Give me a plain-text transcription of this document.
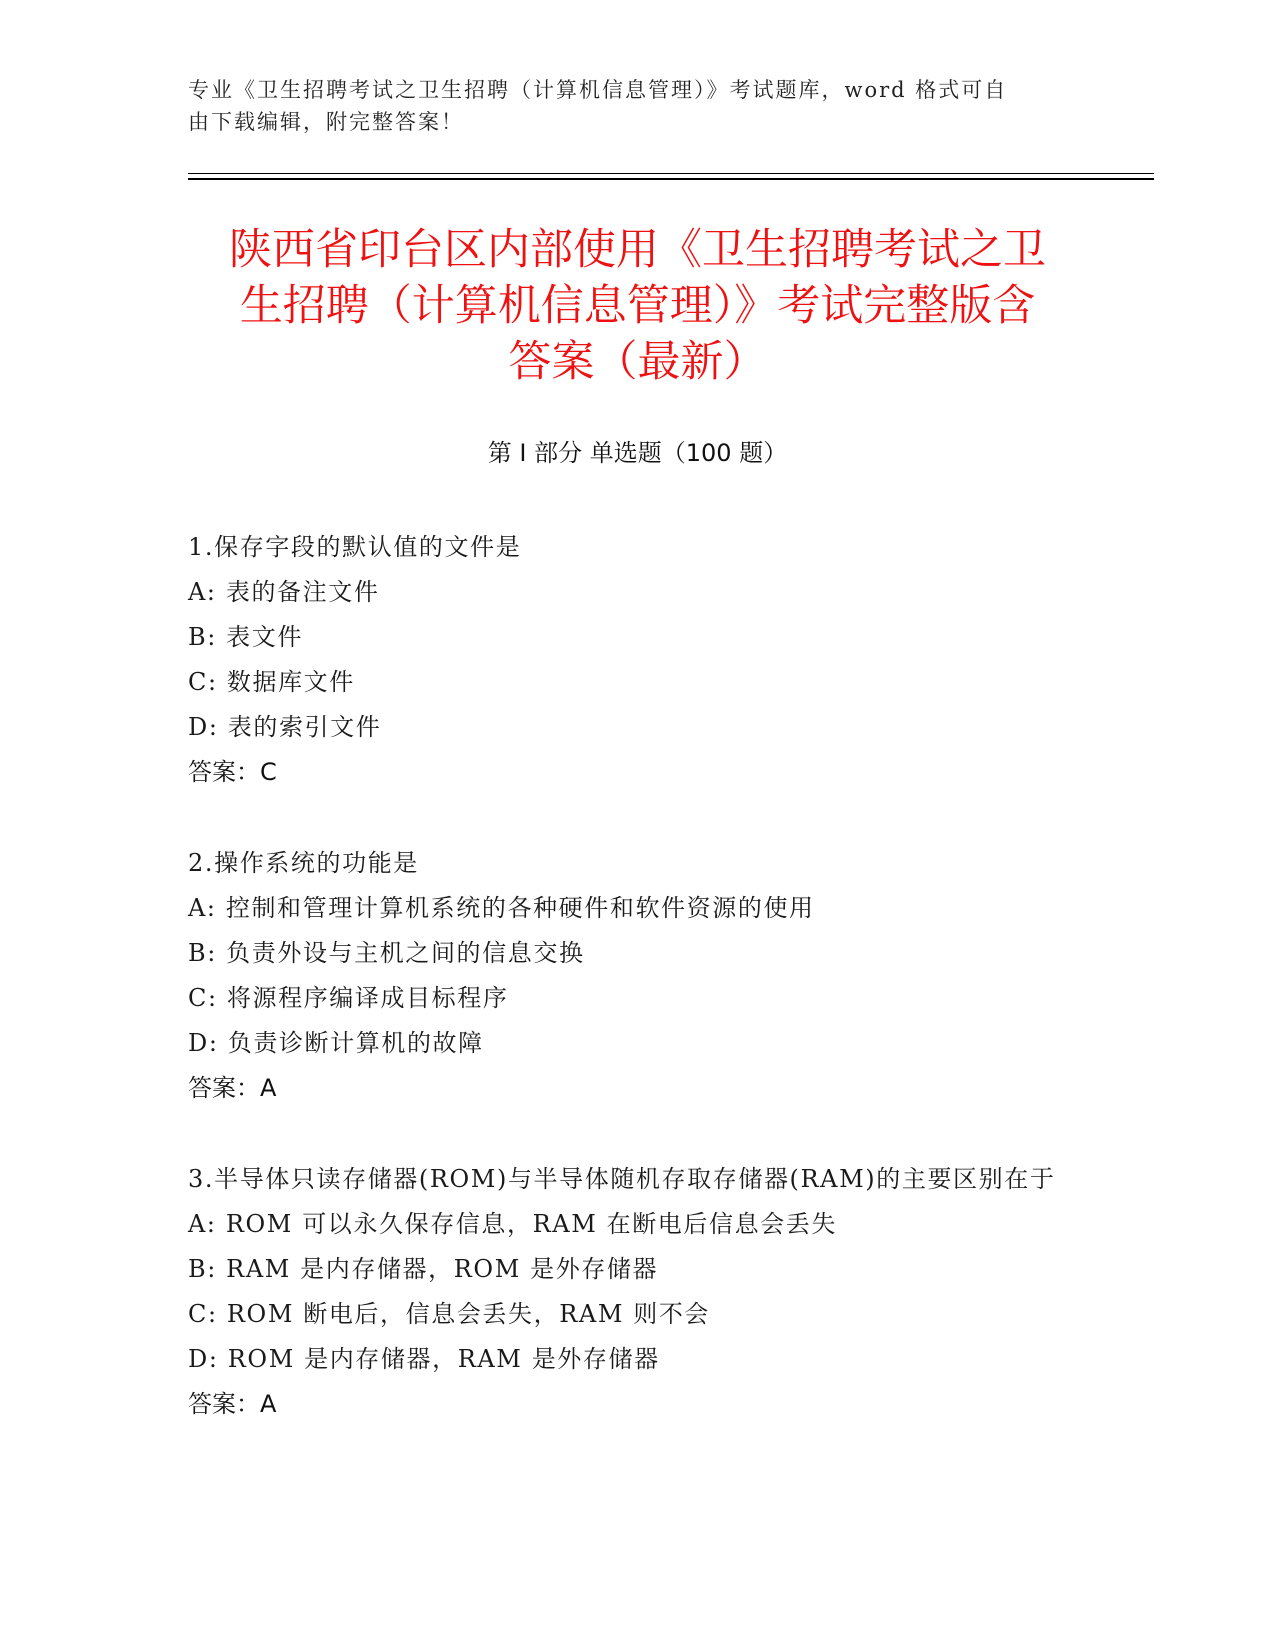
专业《卫生招聘考试之卫生招聘（计算机信息管理）》考试题库，word 格式可自
由下载编辑，附完整答案！
陕西省印台区内部使用《卫生招聘考试之卫
生招聘（计算机信息管理）》考试完整版含
答案（最新）
第 I 部分 单选题（100 题）
1.保存字段的默认值的文件是
A: 表的备注文件
B: 表文件
C: 数据库文件
D: 表的索引文件
答案：C
2.操作系统的功能是
A: 控制和管理计算机系统的各种硬件和软件资源的使用
B: 负责外设与主机之间的信息交换
C: 将源程序编译成目标程序
D: 负责诊断计算机的故障
答案：A
3.半导体只读存储器(ROM)与半导体随机存取存储器(RAM)的主要区别在于
A: ROM 可以永久保存信息，RAM 在断电后信息会丢失
B: RAM 是内存储器，ROM 是外存储器
C: ROM 断电后，信息会丢失，RAM 则不会
D: ROM 是内存储器，RAM 是外存储器
答案：A
